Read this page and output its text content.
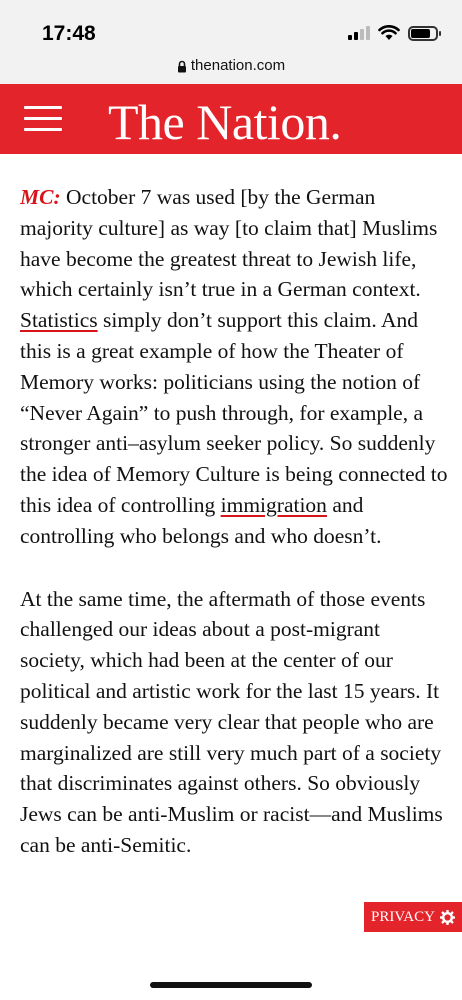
17:48
thenation.com
The Nation.

MC: October 7 was used [by the German majority culture] as way [to claim that] Muslims have become the greatest threat to Jewish life, which certainly isn’t true in a German context. Statistics simply don’t support this claim. And this is a great example of how the Theater of Memory works: politicians using the notion of “Never Again” to push through, for example, a stronger anti–asylum seeker policy. So suddenly the idea of Memory Culture is being connected to this idea of controlling immigration and controlling who belongs and who doesn’t.

At the same time, the aftermath of those events challenged our ideas about a post-migrant society, which had been at the center of our political and artistic work for the last 15 years. It suddenly became very clear that people who are marginalized are still very much part of a society that discriminates against others. So obviously Jews can be anti-Muslim or racist—and Muslims can be anti-Semitic.

PRIVACY
